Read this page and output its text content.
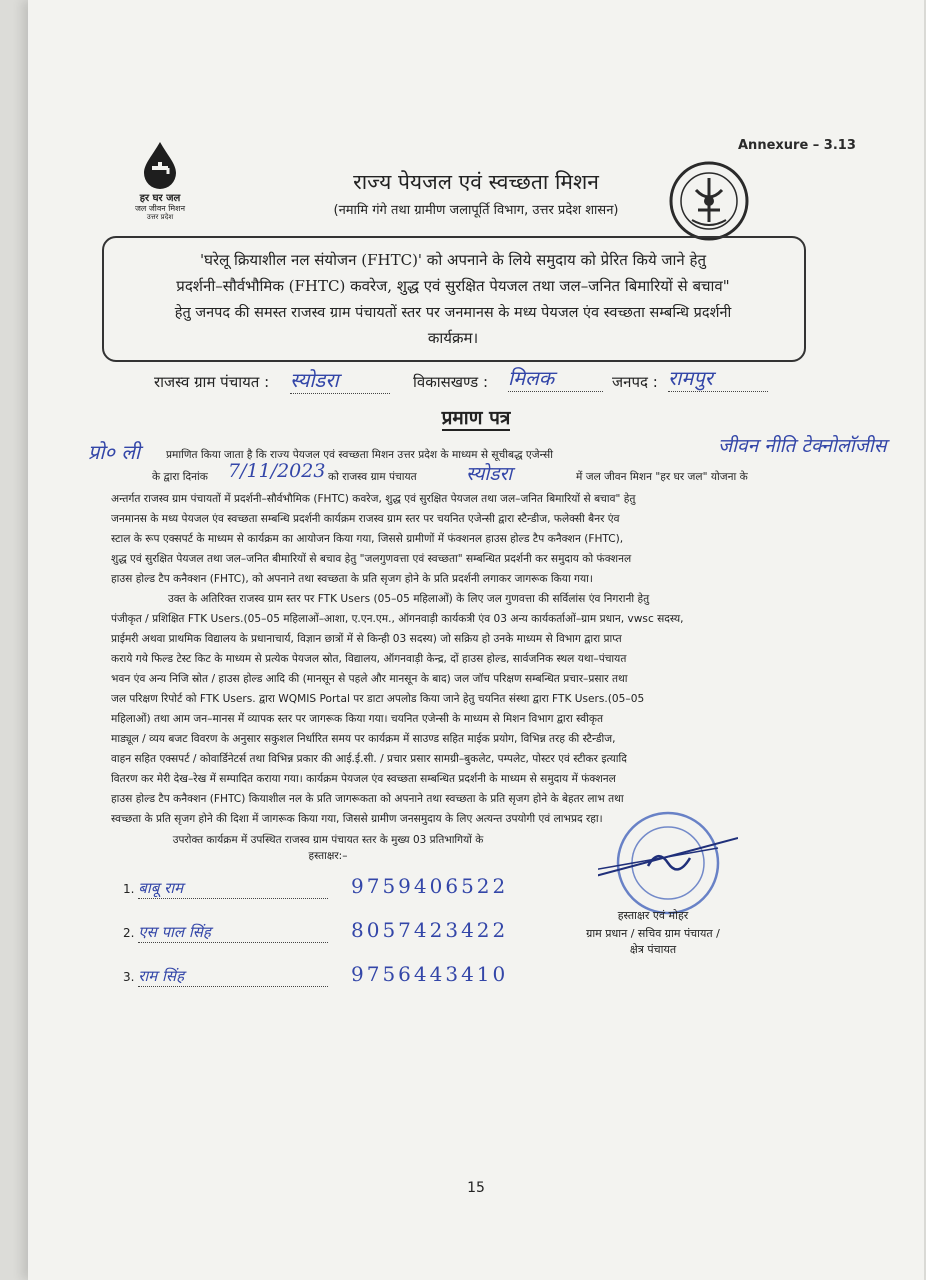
Annexure – 3.13
हर घर जल
जल जीवन मिशन
उत्तर प्रदेश
राज्य पेयजल एवं स्वच्छता मिशन
(नमामि गंगे तथा ग्रामीण जलापूर्ति विभाग, उत्तर प्रदेश शासन)
'घरेलू क्रियाशील नल संयोजन (FHTC)' को अपनाने के लिये समुदाय को प्रेरित किये जाने हेतु
प्रदर्शनी–सौर्वभौमिक (FHTC) कवरेज, शुद्ध एवं सुरक्षित पेयजल तथा जल–जनित बिमारियों से बचाव"
हेतु जनपद की समस्त राजस्व ग्राम पंचायतों स्तर पर जनमानस के मध्य पेयजल एंव स्वच्छता सम्बन्धि प्रदर्शनी
कार्यक्रम।
राजस्व ग्राम पंचायत : स्योडरा	विकासखण्ड : मिलक	जनपद : रामपुर
प्रमाण पत्र
प्रो० ली प्रमाणित किया जाता है कि राज्य पेयजल एवं स्वच्छता मिशन उत्तर प्रदेश के माध्यम से सूचीबद्ध एजेन्सी	जीवन नीति टेक्नोलॉजीस
के द्वारा दिनांक	7/11/2023 को राजस्व ग्राम पंचायत	स्योडरा	में जल जीवन मिशन "हर घर जल" योजना के
अन्तर्गत राजस्व ग्राम पंचायतों में प्रदर्शनी–सौर्वभौमिक (FHTC) कवरेज, शुद्ध एवं सुरक्षित पेयजल तथा जल–जनित बिमारियों से बचाव" हेतु
जनमानस के मध्य पेयजल एंव स्वच्छता सम्बन्धि प्रदर्शनी कार्यक्रम राजस्व ग्राम स्तर पर चयनित एजेन्सी द्वारा स्टैन्डीज, फलेक्सी बैनर एंव
स्टाल के रूप एक्सपर्ट के माध्यम से कार्यक्रम का आयोजन किया गया, जिससे ग्रामीणों में फंक्शनल हाउस होल्ड टैप कनैक्शन (FHTC),
शुद्ध एवं सुरक्षित पेयजल तथा जल–जनित बीमारियों से बचाव हेतु "जलगुणवत्ता एवं स्वच्छता" सम्बन्धित प्रदर्शनी कर समुदाय को फंक्शनल
हाउस होल्ड टैप कनैक्शन (FHTC), को अपनाने तथा स्वच्छता के प्रति सृजग होने के प्रति प्रदर्शनी लगाकर जागरूक किया गया।
उक्त के अतिरिक्त राजस्व ग्राम स्तर पर FTK Users (05–05 महिलाओं) के लिए जल गुणवत्ता की सर्विलांस एंव निगरानी हेतु
पंजीकृत / प्रशिक्षित FTK Users.(05–05 महिलाओं–आशा, ए.एन.एम., ऑगनवाड़ी कार्यकत्री एंव 03 अन्य कार्यकर्ताओं–ग्राम प्रधान, vwsc सदस्य,
प्राईमरी अथवा प्राथमिक विद्यालय के प्रधानाचार्य, विज्ञान छात्रों में से किन्ही 03 सदस्य) जो सक्रिय हो उनके माध्यम से विभाग द्वारा प्राप्त
कराये गये फिल्ड टेस्ट किट के माध्यम से प्रत्येक पेयजल स्रोत, विद्यालय, ऑगनवाड़ी केन्द्र, दों हाउस होल्ड, सार्वजनिक स्थल यथा–पंचायत
भवन एंव अन्य निजि स्रोत / हाउस होल्ड आदि की (मानसून से पहले और मानसून के बाद) जल जॉच परिक्षण सम्बन्धित प्रचार–प्रसार तथा
जल परिक्षण रिपोर्ट को FTK Users. द्वारा WQMIS Portal पर डाटा अपलोड किया जाने हेतु चयनित संस्था द्वारा FTK Users.(05–05
महिलाओं) तथा आम जन–मानस में व्यापक स्तर पर जागरूक किया गया। चयनित एजेन्सी के माध्यम से मिशन विभाग द्वारा स्वीकृत
माड्यूल / व्यय बजट विवरण के अनुसार सकुशल निर्धारित समय पर कार्यक्रम में साउण्ड सहित माईक प्रयोग, विभिन्न तरह की स्टैन्डीज,
वाहन सहित एक्सपर्ट / कोवार्डिनेटर्स तथा विभिन्न प्रकार की आई.ई.सी. / प्रचार प्रसार सामग्री–बुकलेट, पम्पलेट, पोस्टर एवं स्टीकर इत्यादि
वितरण कर मेरी देख–रेख में सम्पादित कराया गया। कार्यक्रम पेयजल एंव स्वच्छता सम्बन्धित प्रदर्शनी के माध्यम से समुदाय में फंक्शनल
हाउस होल्ड टैप कनैक्शन (FHTC) कियाशील नल के प्रति जागरूकता को अपनाने तथा स्वच्छता के प्रति सृजग होने के बेहतर लाभ तथा
स्वच्छता के प्रति सृजग होने की दिशा में जागरूक किया गया, जिससे ग्रामीण जनसमुदाय के लिए अत्यन्त उपयोगी एवं लाभप्रद रहा।
उपरोक्त कार्यक्रम में उपस्थित राजस्व ग्राम पंचायत स्तर के मुख्य 03 प्रतिभागियों के
हस्ताक्षर:–
1. बाबू राम	9759406522
2. एस पाल सिंह	8057423422
3. राम सिंह	9756443410
हस्ताक्षर एवं मोहर
ग्राम प्रधान / सचिव ग्राम पंचायत /
क्षेत्र पंचायत
15
